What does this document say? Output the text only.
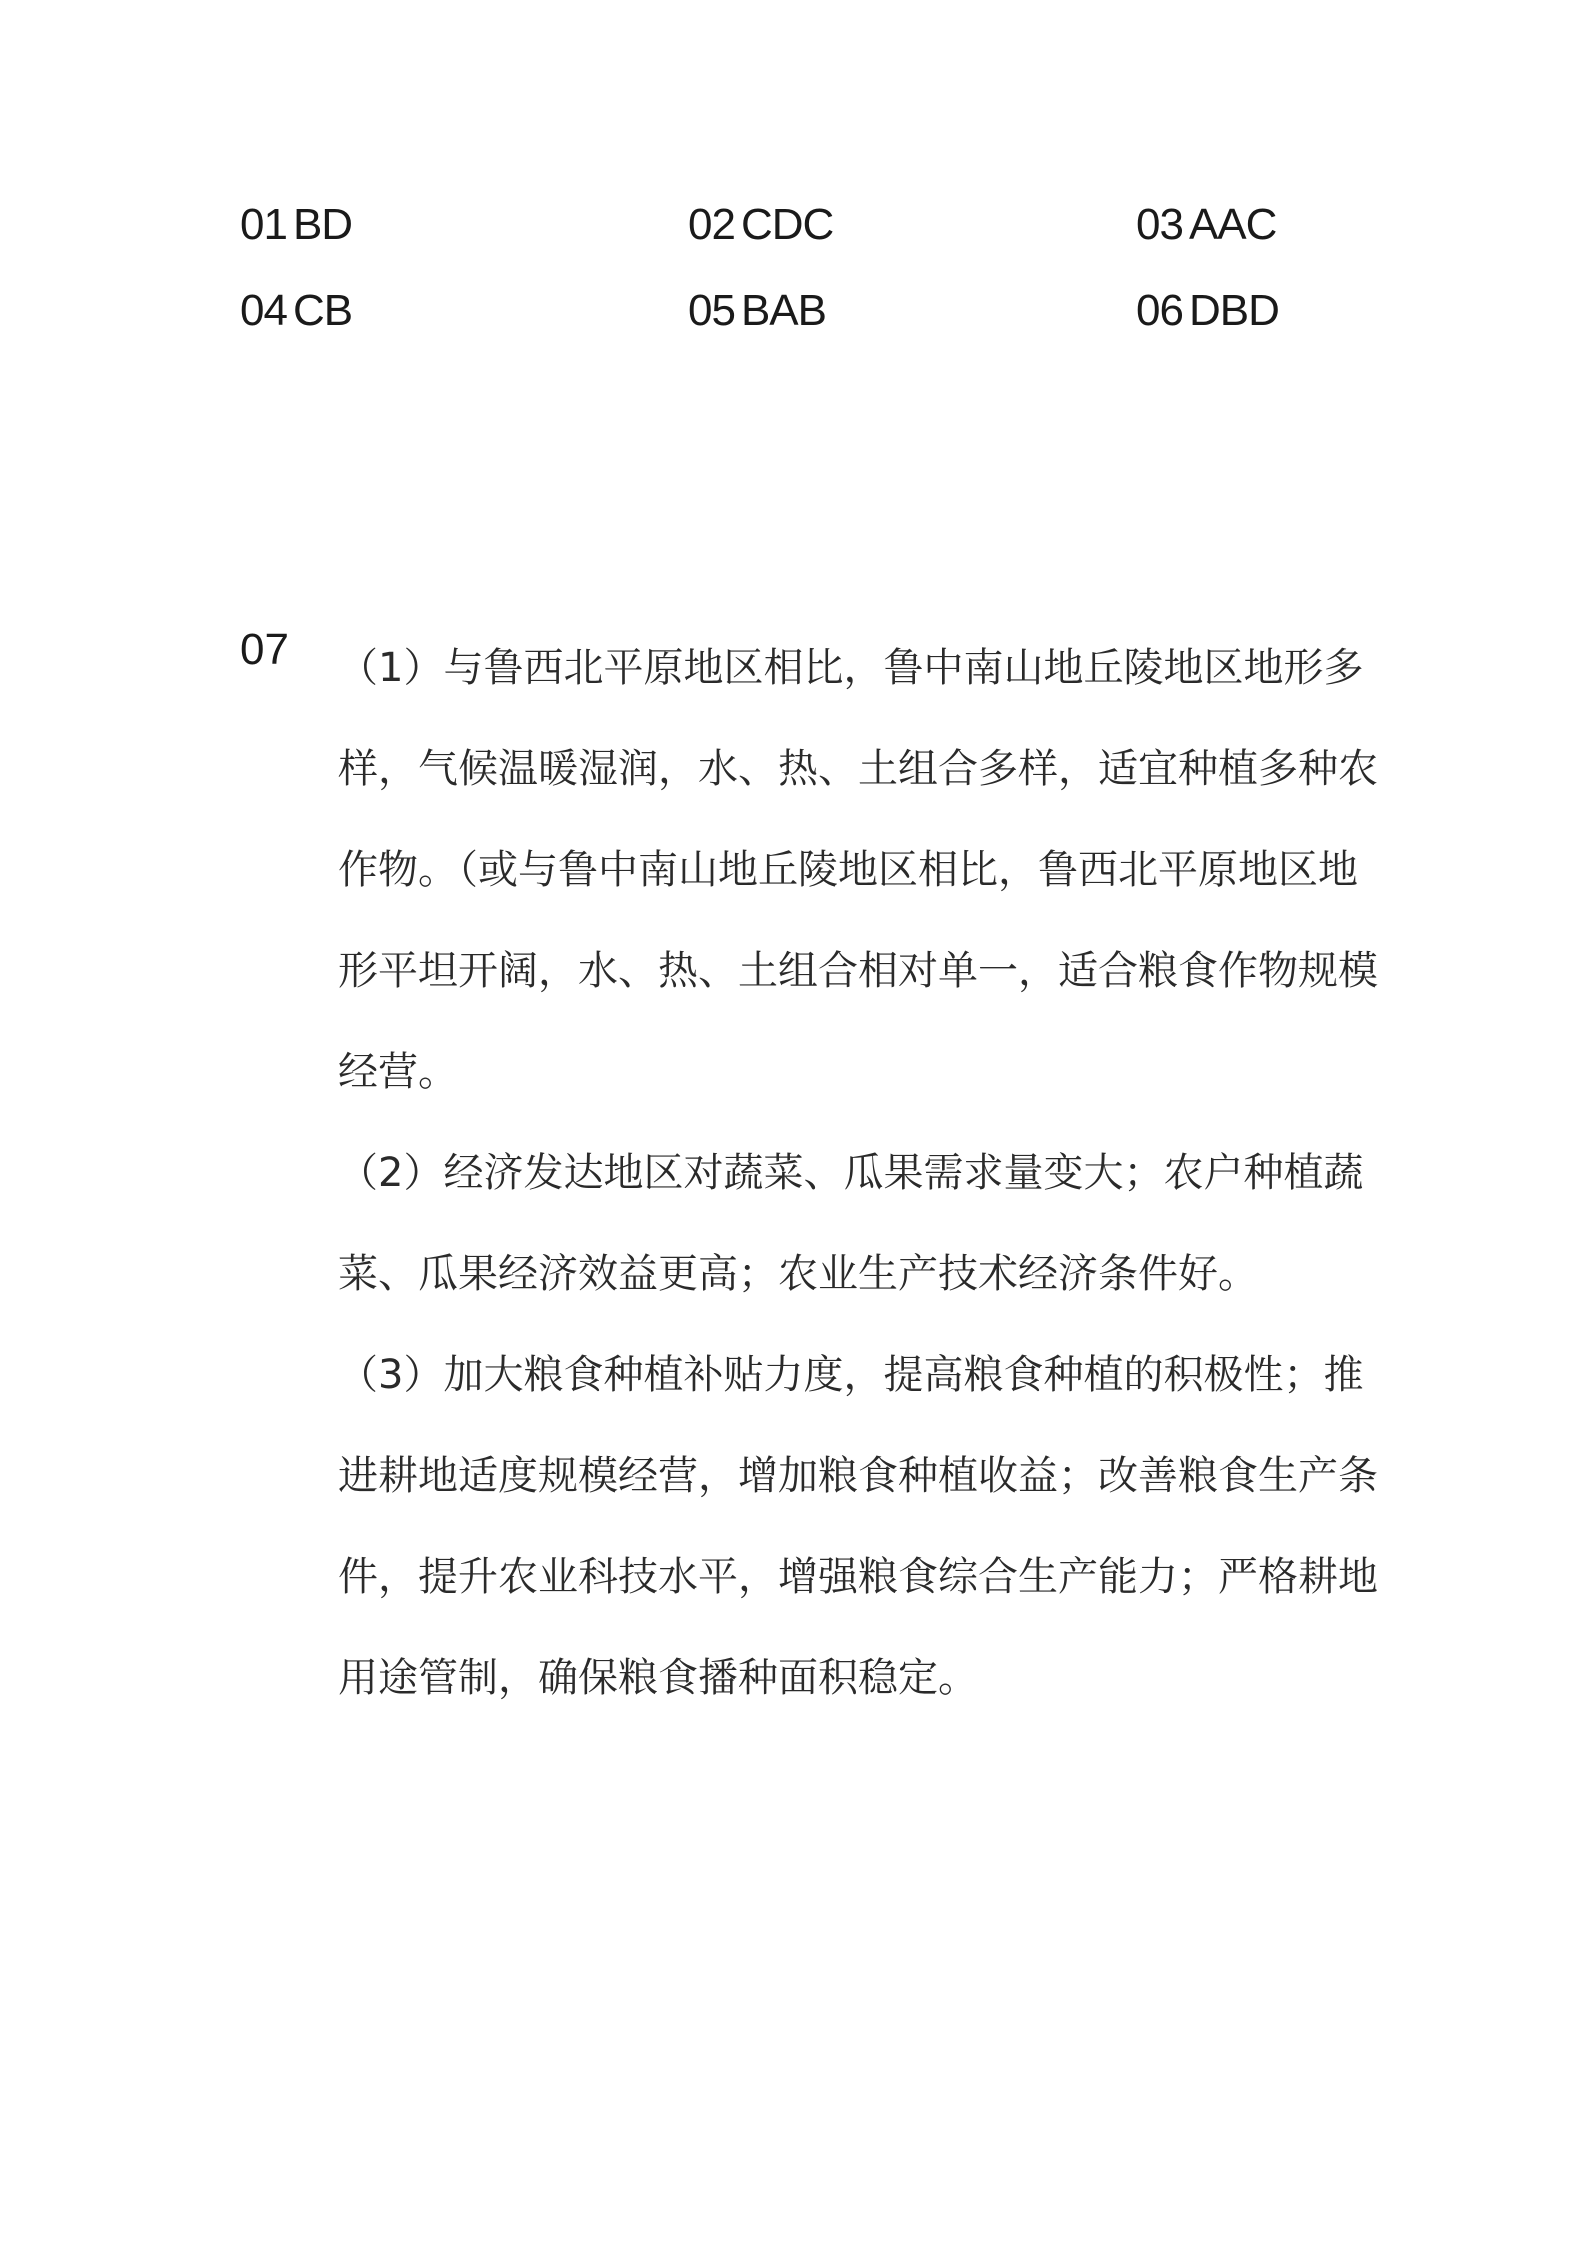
01 BD	02 CDC	03 AAC
04 CB	05 BAB	06 DBD
07 （1）与鲁西北平原地区相比，鲁中南山地丘陵地区地形多样，气候温暖湿润，水、热、土组合多样，适宜种植多种农作物。（或与鲁中南山地丘陵地区相比，鲁西北平原地区地形平坦开阔，水、热、土组合相对单一，适合粮食作物规模经营。

（2）经济发达地区对蔬菜、瓜果需求量变大；农户种植蔬菜、瓜果经济效益更高；农业生产技术经济条件好。

（3）加大粮食种植补贴力度，提高粮食种植的积极性；推进耕地适度规模经营，增加粮食种植收益；改善粮食生产条件，提升农业科技水平，增强粮食综合生产能力；严格耕地用途管制，确保粮食播种面积稳定。
